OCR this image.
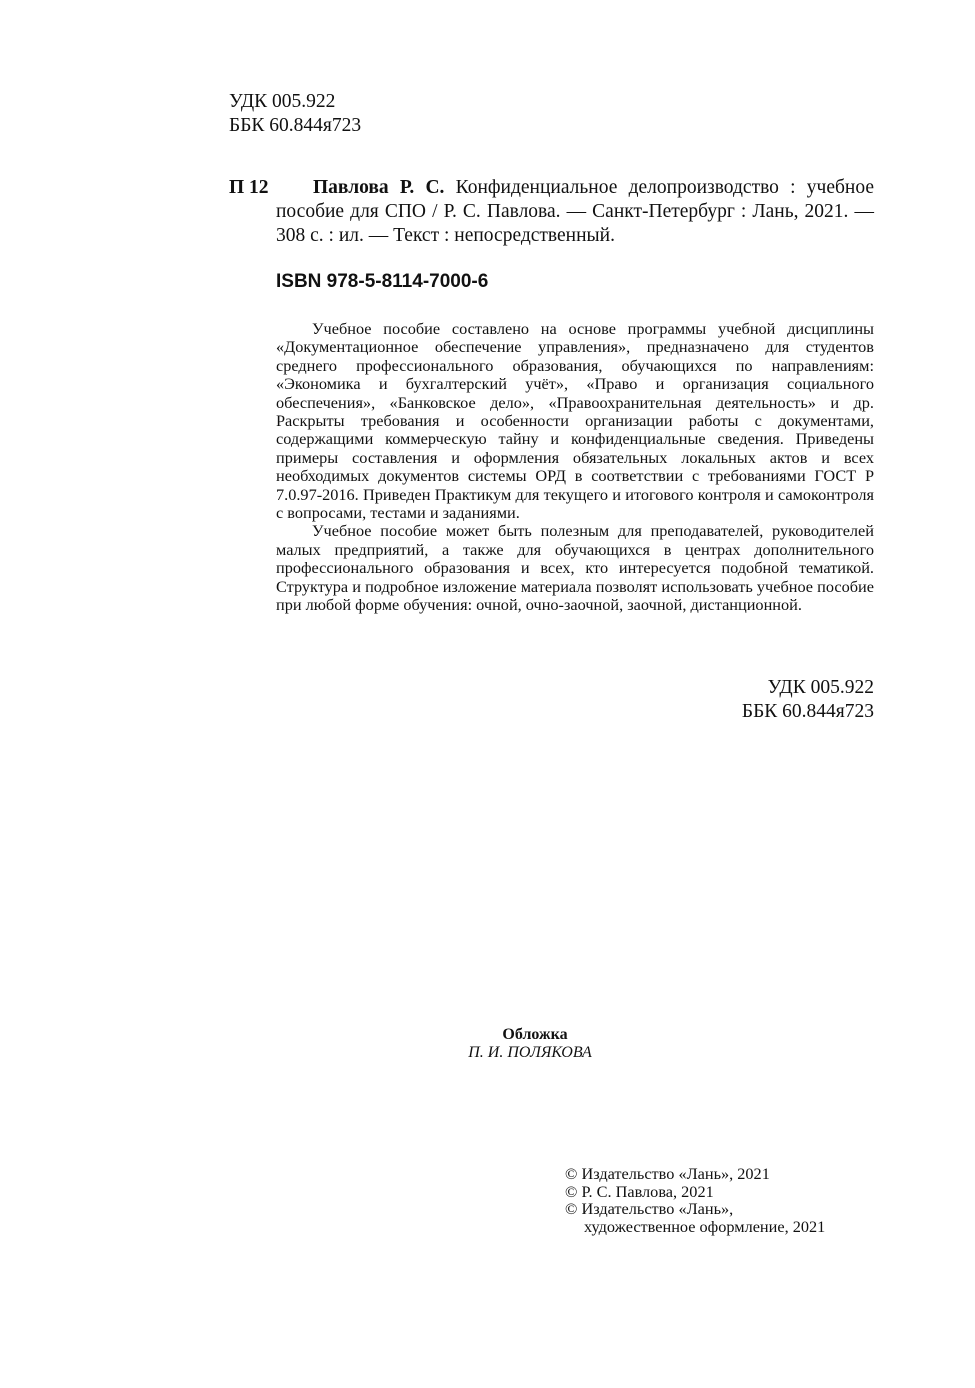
УДК 005.922
ББК 60.844я723
П 12	Павлова Р. С. Конфиденциальное делопроизводство : учебное пособие для СПО / Р. С. Павлова. — Санкт-Петербург : Лань, 2021. — 308 с. : ил. — Текст : непосредственный.
ISBN 978-5-8114-7000-6

Учебное пособие составлено на основе программы учебной дисциплины «Документационное обеспечение управления», предназначено для студентов среднего профессионального образования, обучающихся по направлениям: «Экономика и бухгалтерский учёт», «Право и организация социального обеспечения», «Банковское дело», «Правоохранительная деятельность» и др. Раскрыты требования и особенности организации работы с документами, содержащими коммерческую тайну и конфиденциальные сведения. Приведены примеры составления и оформления обязательных локальных актов и всех необходимых документов системы ОРД в соответствии с требованиями ГОСТ Р 7.0.97-2016. Приведен Практикум для текущего и итогового контроля и самоконтроля с вопросами, тестами и заданиями.

Учебное пособие может быть полезным для преподавателей, руководителей малых предприятий, а также для обучающихся в центрах дополнительного профессионального образования и всех, кто интересуется подобной тематикой. Структура и подробное изложение материала позволят использовать учебное пособие при любой форме обучения: очной, очно-заочной, заочной, дистанционной.

УДК 005.922
ББК 60.844я723
Обложка
П. И. ПОЛЯКОВА
© Издательство «Лань», 2021
© Р. С. Павлова, 2021
© Издательство «Лань»,
художественное оформление, 2021
